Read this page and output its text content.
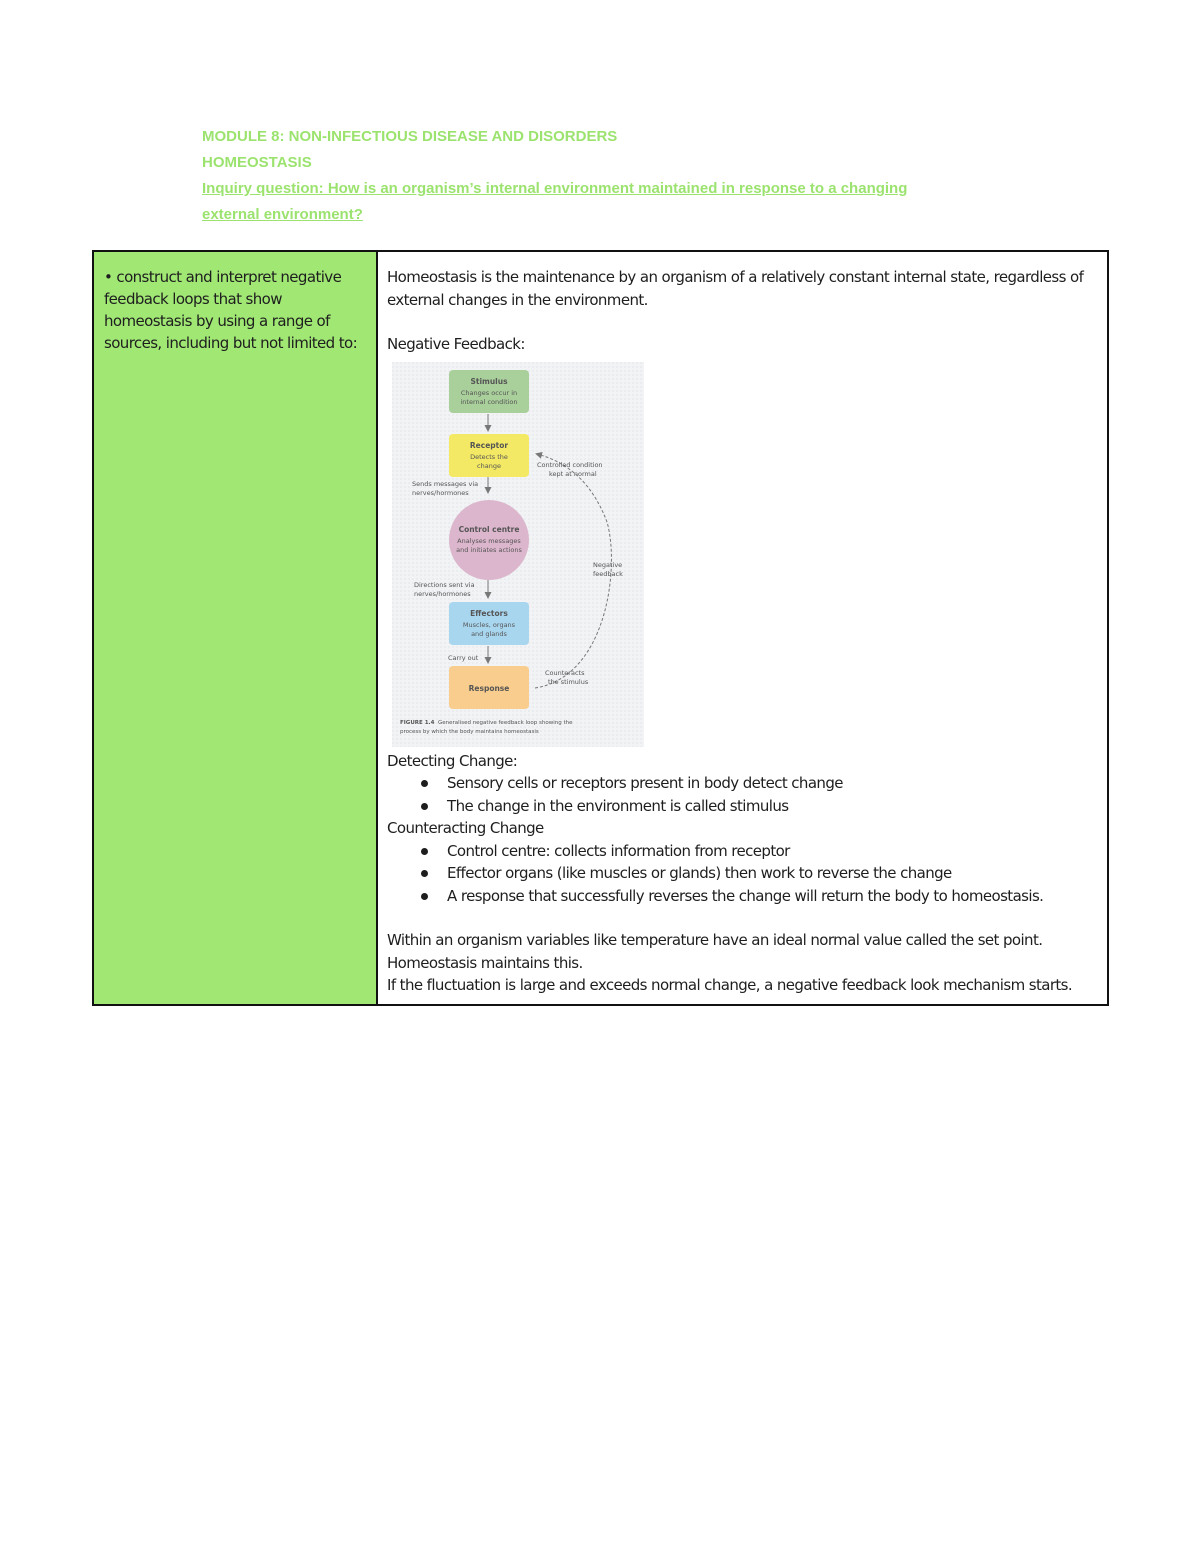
MODULE 8: NON-INFECTIOUS DISEASE AND DISORDERS
HOMEOSTASIS
Inquiry question: How is an organism’s internal environment maintained in response to a changing
external environment?
• construct and interpret negative feedback loops that show homeostasis by using a range of sources, including but not limited to:

Homeostasis is the maintenance by an organism of a relatively constant internal state, regardless of external changes in the environment.

Negative Feedback:

Stimulus
Changes occur in
internal condition
Receptor
Detects the
change
Sends messages via
nerves/hormones
Controlled condition
kept at normal
Control centre
Analyses messages
and initiates actions
Negative
feedback
Directions sent via
nerves/hormones
Effectors
Muscles, organs
and glands
Carry out
Response
Counteracts
the stimulus
FIGURE 1.4 Generalised negative feedback loop showing the
process by which the body maintains homeostasis

Detecting Change:

Sensory cells or receptors present in body detect change
The change in the environment is called stimulus

Counteracting Change

Control centre: collects information from receptor
Effector organs (like muscles or glands) then work to reverse the change
A response that successfully reverses the change will return the body to homeostasis.

Within an organism variables like temperature have an ideal normal value called the set point.

Homeostasis maintains this.

If the fluctuation is large and exceeds normal change, a negative feedback look mechanism starts.
